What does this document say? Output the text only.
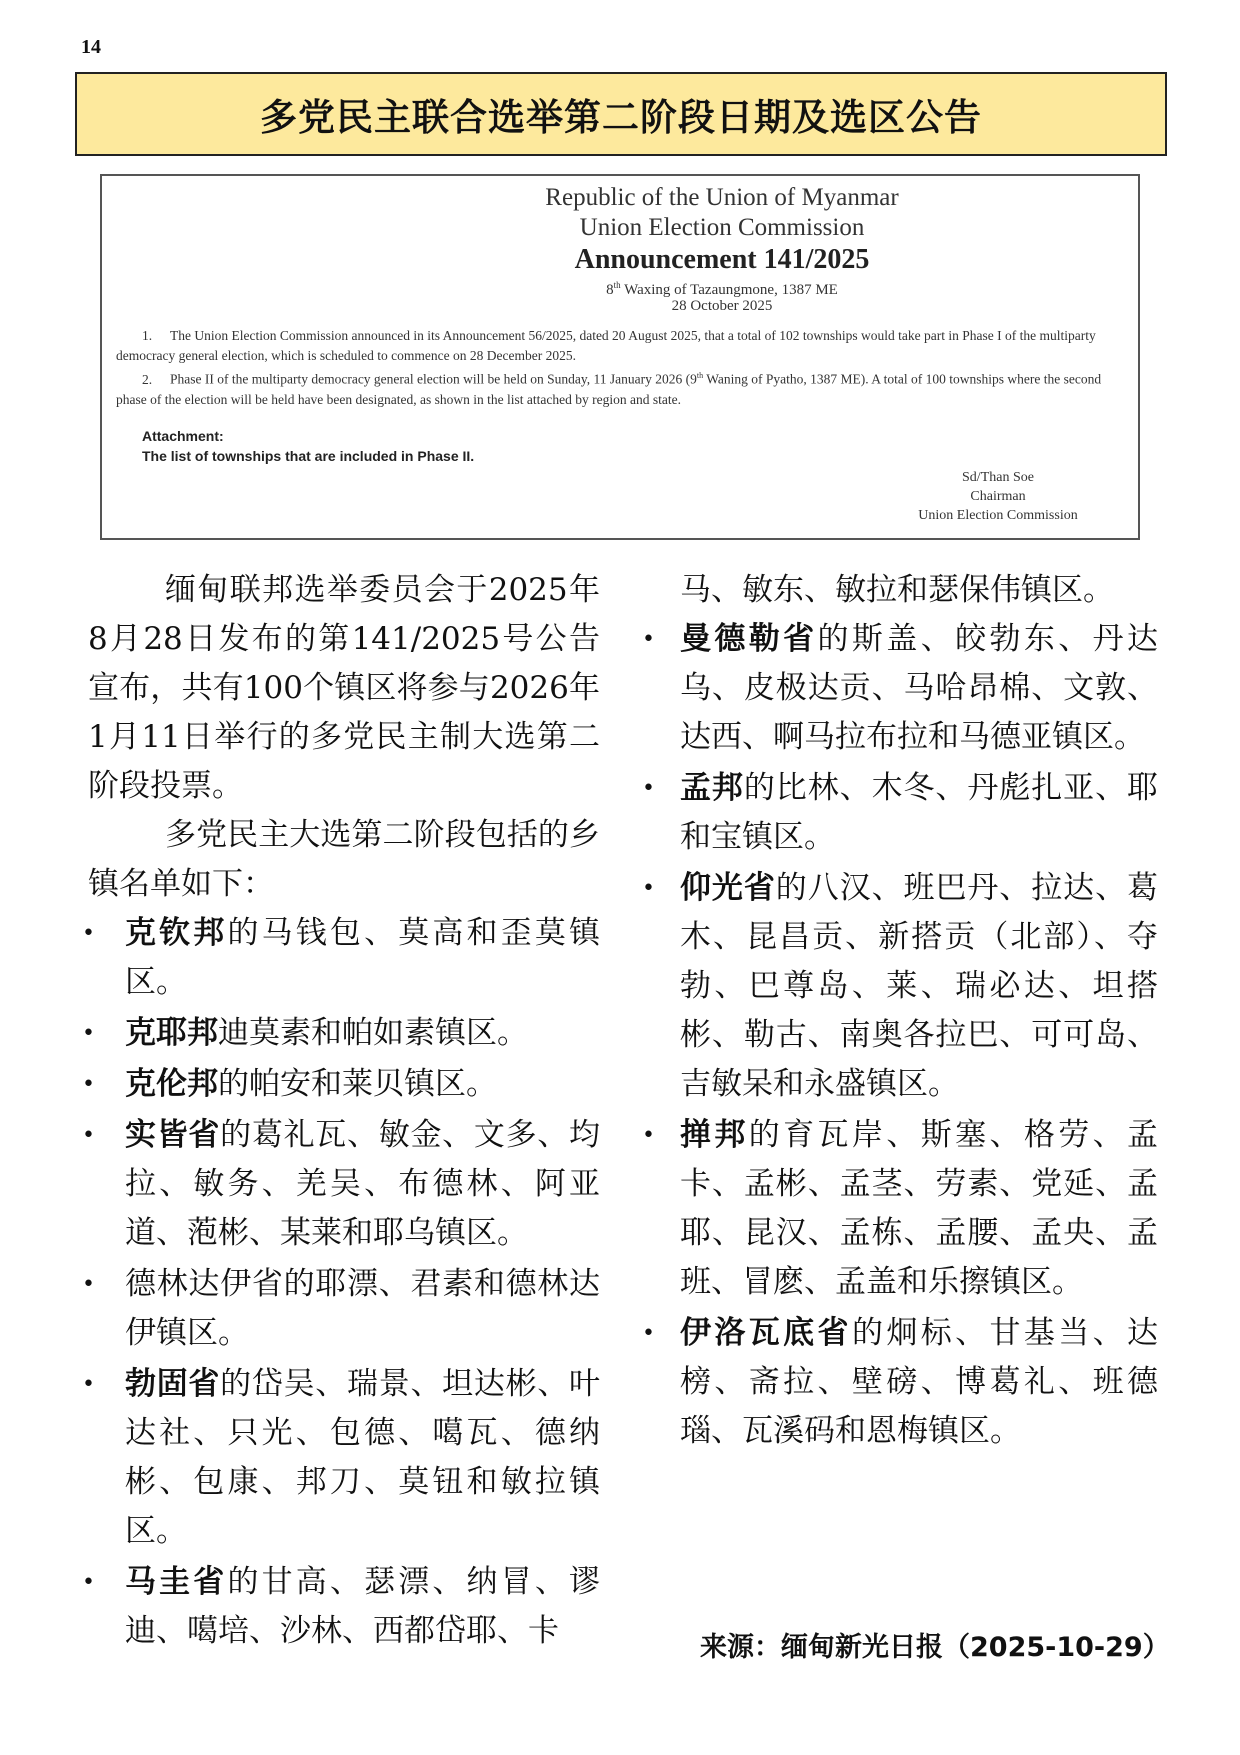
14
多党民主联合选举第二阶段日期及选区公告
Republic of the Union of Myanmar
Union Election Commission
Announcement 141/2025
8th Waxing of Tazaungmone, 1387 ME
28 October 2025

1. The Union Election Commission announced in its Announcement 56/2025, dated 20 August 2025, that a total of 102 townships would take part in Phase I of the multiparty democracy general election, which is scheduled to commence on 28 December 2025.

2. Phase II of the multiparty democracy general election will be held on Sunday, 11 January 2026 (9th Waning of Pyatho, 1387 ME). A total of 100 townships where the second phase of the election will be held have been designated, as shown in the list attached by region and state.

Attachment:
The list of townships that are included in Phase II.
Sd/Than Soe
Chairman
Union Election Commission

缅甸联邦选举委员会于2025年8月28日发布的第141/2025号公告宣布，共有100个镇区将参与2026年1月11日举行的多党民主制大选第二阶段投票。

多党民主大选第二阶段包括的乡镇名单如下：

• 克钦邦的马钱包、莫高和歪莫镇区。
• 克耶邦迪莫素和帕如素镇区。
• 克伦邦的帕安和莱贝镇区。
• 实皆省的葛礼瓦、敏金、文多、均拉、敏务、羌吴、布德林、阿亚道、萢彬、某莱和耶乌镇区。
• 德林达伊省的耶漂、君素和德林达伊镇区。
• 勃固省的岱吴、瑞景、坦达彬、叶达社、只光、包德、噶瓦、德纳彬、包康、邦刀、莫钮和敏拉镇区。
• 马圭省的甘高、瑟漂、纳冒、谬迪、噶培、沙林、西都岱耶、卡

马、敏东、敏拉和瑟保伟镇区。

• 曼德勒省的斯盖、皎勃东、丹达乌、皮极达贡、马哈昂棉、文敦、达西、啊马拉布拉和马德亚镇区。
• 孟邦的比林、木冬、丹彪扎亚、耶和宝镇区。
• 仰光省的八汉、班巴丹、拉达、葛木、昆昌贡、新搭贡（北部）、夺勃、巴尊岛、莱、瑞必达、坦搭彬、勒古、南奥各拉巴、可可岛、吉敏呆和永盛镇区。
• 掸邦的育瓦岸、斯塞、格劳、孟卡、孟彬、孟茎、劳素、党延、孟耶、昆汉、孟栋、孟腰、孟央、孟班、冒麽、孟盖和乐擦镇区。
• 伊洛瓦底省的炯标、甘基当、达榜、斋拉、壁磅、博葛礼、班德瑙、瓦溪码和恩梅镇区。
来源：缅甸新光日报（2025-10-29）
